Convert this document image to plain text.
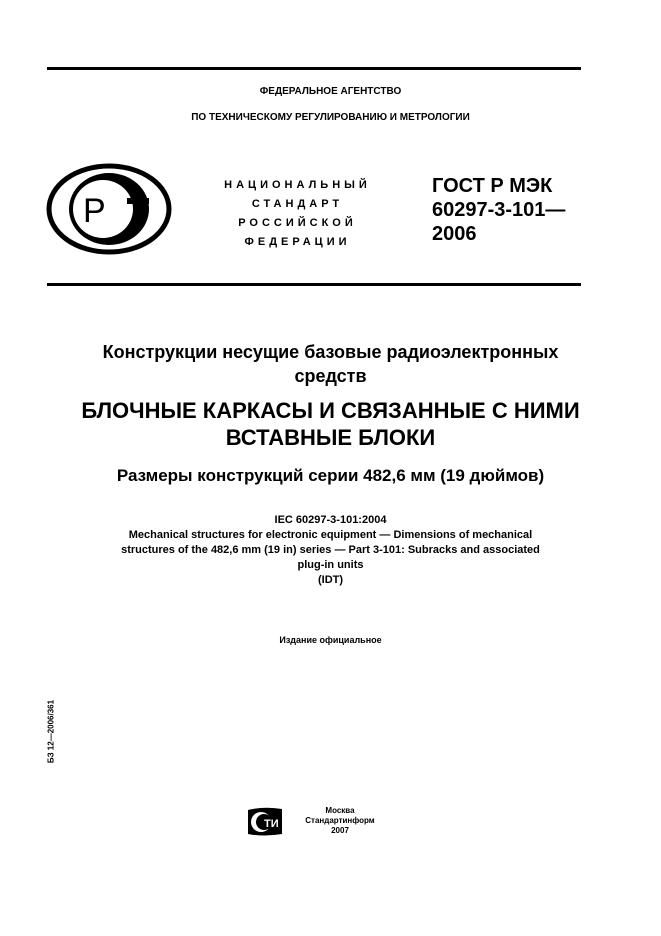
ФЕДЕРАЛЬНОЕ АГЕНТСТВО
ПО ТЕХНИЧЕСКОМУ РЕГУЛИРОВАНИЮ И МЕТРОЛОГИИ
P
НАЦИОНАЛЬНЫЙ
СТАНДАРТ
РОССИЙСКОЙ
ФЕДЕРАЦИИ
ГОСТ Р МЭК
60297-3-101—
2006
Конструкции несущие базовые радиоэлектронных
средств
БЛОЧНЫЕ КАРКАСЫ И СВЯЗАННЫЕ С НИМИ
ВСТАВНЫЕ БЛОКИ
Размеры конструкций серии 482,6 мм (19 дюймов)
IEC 60297-3-101:2004
Mechanical structures for electronic equipment — Dimensions of mechanical
structures of the 482,6 mm (19 in) series — Part 3-101: Subracks and associated
plug-in units
(IDT)
Издание официальное
БЗ 12—2006/361
ТИ
Москва
Стандартинформ
2007
